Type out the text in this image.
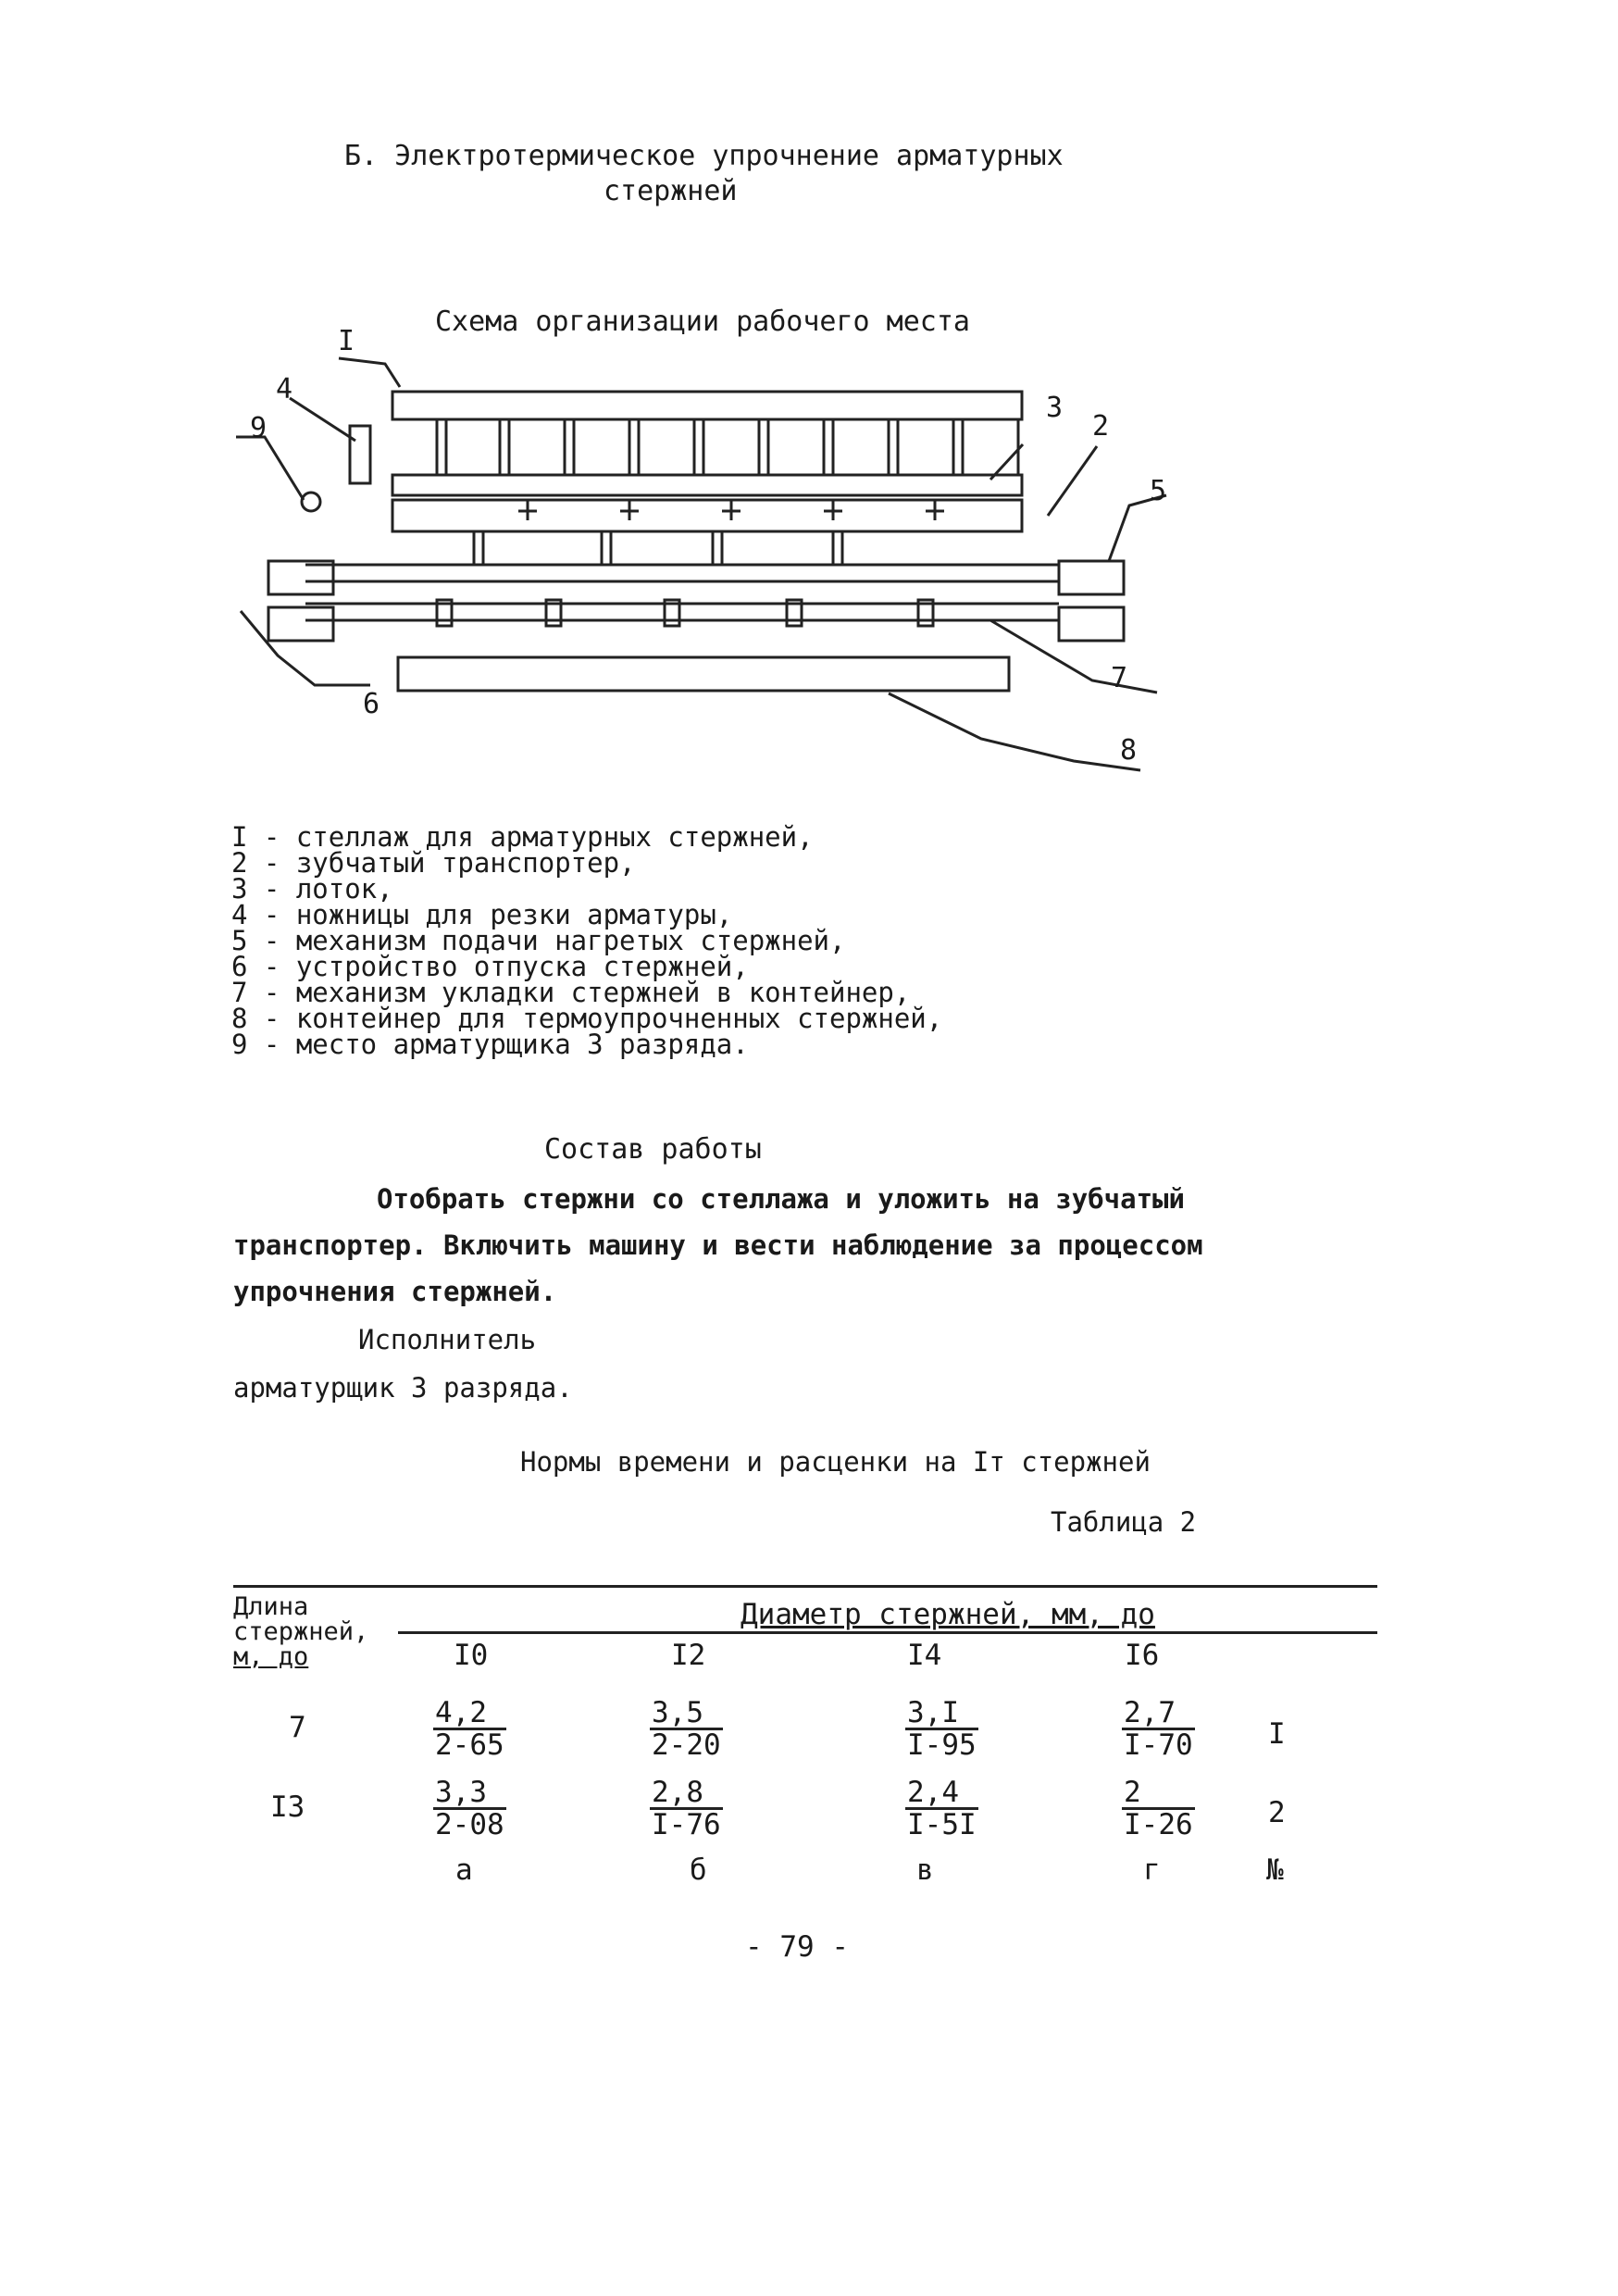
Б. Электротермическое упрочнение арматурных
стержней
Схема организации рабочего места
I
2
3
4
5
6
7
8
9
I - стеллаж для арматурных стержней,
2 - зубчатый транспортер,
3 - лоток,
4 - ножницы для резки арматуры,
5 - механизм подачи нагретых стержней,
6 - устройство отпуска стержней,
7 - механизм укладки стержней в контейнер,
8 - контейнер для термоупрочненных стержней,
9 - место арматурщика 3 разряда.
Состав работы
Отобрать стержни со стеллажа и уложить на зубчатый транспортер. Включить машину и вести наблюдение за процессом упрочнения стержней.
Исполнитель
арматурщик 3 разряда.
Нормы времени и расценки на Iт стержней
Таблица 2
Длина
стержней,
м, до
Диаметр стержней, мм, до
I0	I2	I4	I6
7	$\frac{4,2}{2-65}$	$\frac{3,5}{2-20}$	$\frac{3,I}{I-95}$	$\frac{2,7}{I-70}$	I
I3	$\frac{3,3}{2-08}$	$\frac{2,8}{I-76}$	$\frac{2,4}{I-5I}$	$\frac{2}{I-26}$	2
а	б	в	г	№
- 79 -
